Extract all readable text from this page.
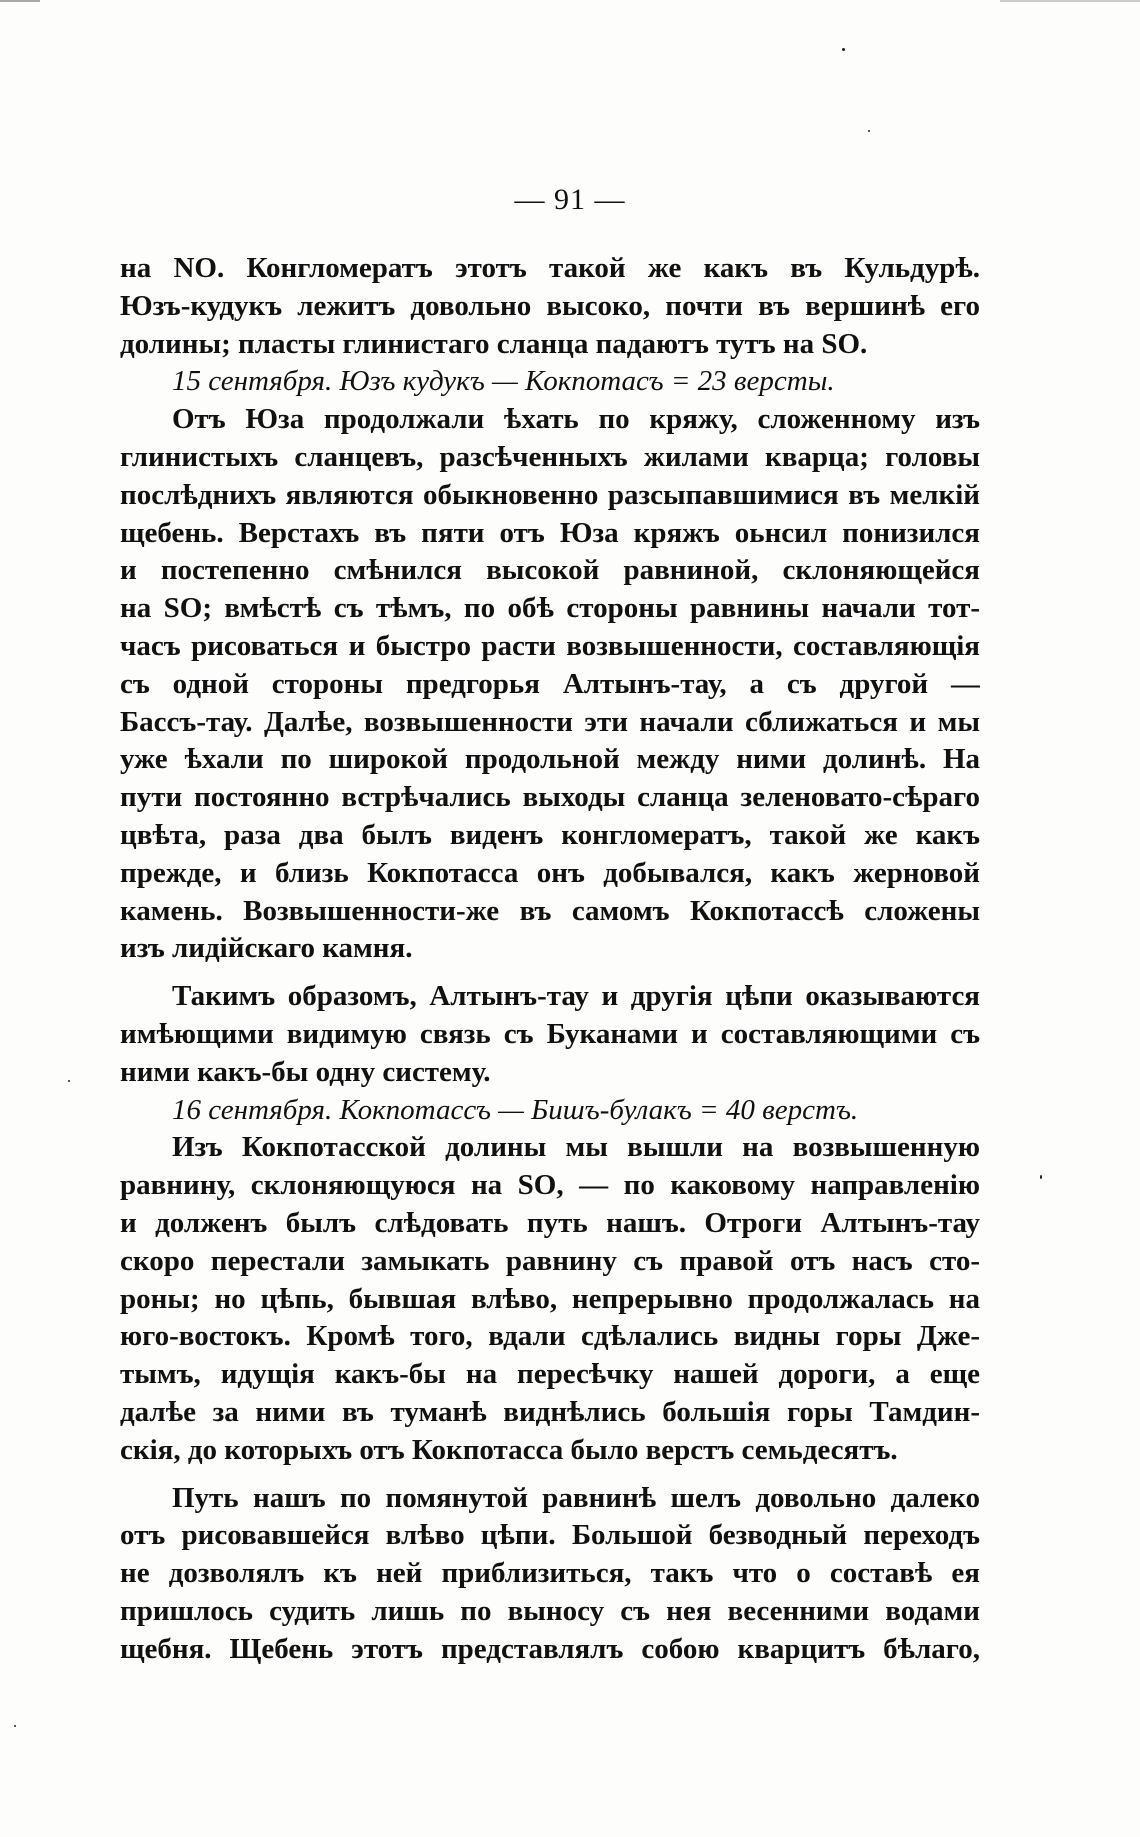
— 91 —
на NO. Конгломератъ этотъ такой же какъ въ Кульдурѣ.
Юзъ-кудукъ лежитъ довольно высоко, почти въ вершинѣ его
долины; пласты глинистаго сланца падаютъ тутъ на SO.
15 сентября. Юзъ кудукъ — Кокпотасъ = 23 версты.
Отъ Юза продолжали ѣхать по кряжу, сложенному изъ
глинистыхъ сланцевъ, разсѣченныхъ жилами кварца; головы
послѣднихъ являются обыкновенно разсыпавшимися въ мелкій
щебень. Верстахъ въ пяти отъ Юза кряжъ оьнсил понизился
и постепенно смѣнился высокой равниной, склоняющейся
на SO; вмѣстѣ съ тѣмъ, по обѣ стороны равнины начали тот-
часъ рисоваться и быстро расти возвышенности, составляющія
съ одной стороны предгорья Алтынъ-тау, а съ другой —
Бассъ-тау. Далѣе, возвышенности эти начали сближаться и мы
уже ѣхали по широкой продольной между ними долинѣ. На
пути постоянно встрѣчались выходы сланца зеленовато-сѣраго
цвѣта, раза два былъ виденъ конгломератъ, такой же какъ
прежде, и близь Кокпотасса онъ добывался, какъ жерновой
камень. Возвышенности-же въ самомъ Кокпотассѣ сложены
изъ лидійскаго камня.
Такимъ образомъ, Алтынъ-тау и другія цѣпи оказываются
имѣющими видимую связь съ Буканами и составляющими съ
ними какъ-бы одну систему.
16 сентября. Кокпотассъ — Бишъ-булакъ = 40 верстъ.
Изъ Кокпотасской долины мы вышли на возвышенную
равнину, склоняющуюся на SO, — по каковому направленію
и долженъ былъ слѣдовать путь нашъ. Отроги Алтынъ-тау
скоро перестали замыкать равнину съ правой отъ насъ сто-
роны; но цѣпь, бывшая влѣво, непрерывно продолжалась на
юго-востокъ. Кромѣ того, вдали сдѣлались видны горы Дже-
тымъ, идущія какъ-бы на пересѣчку нашей дороги, а еще
далѣе за ними въ туманѣ виднѣлись большія горы Тамдин-
скія, до которыхъ отъ Кокпотасса было верстъ семьдесятъ.
Путь нашъ по помянутой равнинѣ шелъ довольно далеко
отъ рисовавшейся влѣво цѣпи. Большой безводный переходъ
не дозволялъ къ ней приблизиться, такъ что о составѣ ея
пришлось судить лишь по выносу съ нея весенними водами
щебня. Щебень этотъ представлялъ собою кварцитъ бѣлаго,
